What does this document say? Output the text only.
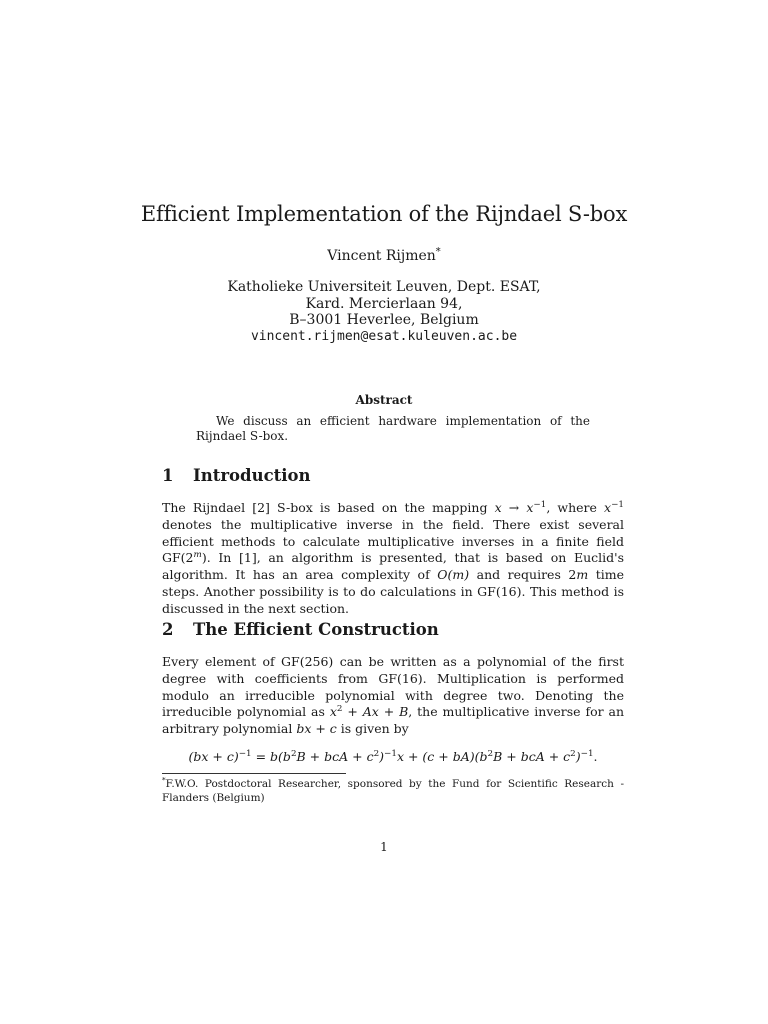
Efficient Implementation of the Rijndael S-box
Vincent Rijmen*
Katholieke Universiteit Leuven, Dept. ESAT,
Kard. Mercierlaan 94,
B–3001 Heverlee, Belgium
vincent.rijmen@esat.kuleuven.ac.be
Abstract
We discuss an efficient hardware implementation of the Rijndael S-box.
1 Introduction
The Rijndael [2] S-box is based on the mapping $x \to x^{-1}$, where $x^{-1}$ denotes the multiplicative inverse in the field. There exist several efficient methods to calculate multiplicative inverses in a finite field GF(2$^m$). In [1], an algorithm is presented, that is based on Euclid's algorithm. It has an area complexity of O(m) and requires 2m time steps. Another possibility is to do calculations in GF(16). This method is discussed in the next section.
2 The Efficient Construction
Every element of GF(256) can be written as a polynomial of the first degree with coefficients from GF(16). Multiplication is performed modulo an irreducible polynomial with degree two. Denoting the irreducible polynomial as $x^2 + Ax + B$, the multiplicative inverse for an arbitrary polynomial bx + c is given by
$(bx + c)^{-1} = b(b^2B$ + bcA + $c^2)^{-1}x + (c + bA)(b^2B$ + bcA + $c^2)^{-1}$.
*F.W.O. Postdoctoral Researcher, sponsored by the Fund for Scientific Research - Flanders (Belgium)
1
